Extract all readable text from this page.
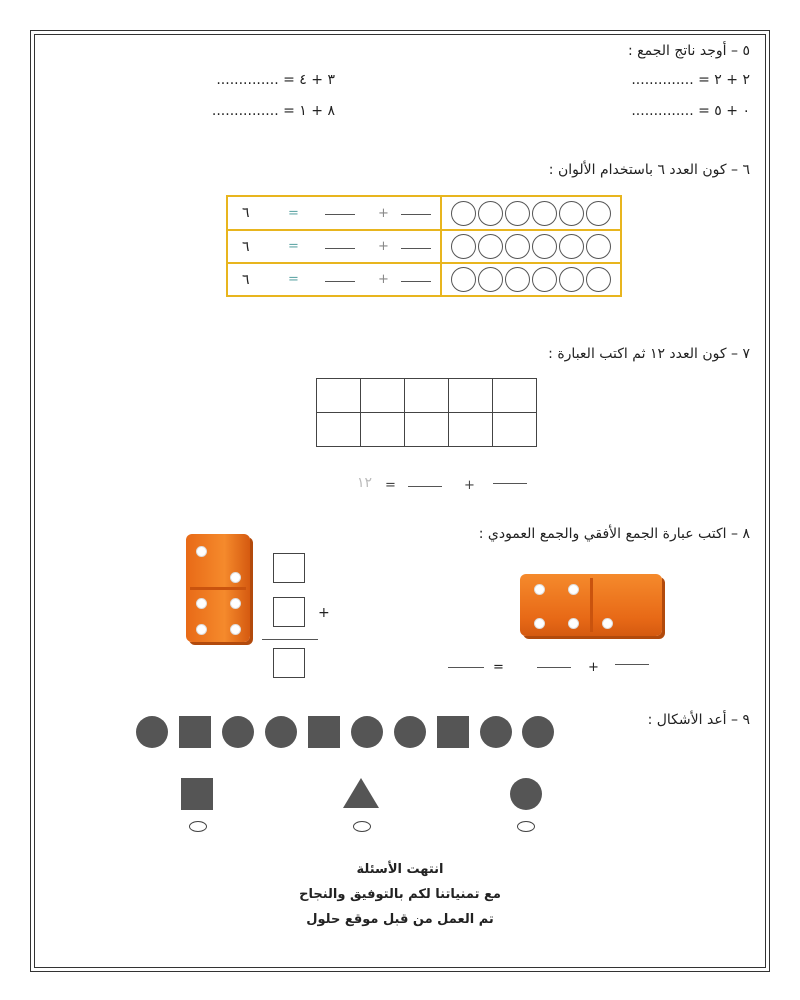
٥ – أوجد ناتج الجمع :
٢ + ٢ = ..............
٠ + ٥ = ..............
٣ + ٤ = ..............
٨ + ١ = ...............
٦ – كون العدد ٦ باستخدام الألوان :
٦	=	+
٦	=	+
٦	=	+
٧ – كون العدد ١٢ ثم اكتب العبارة :

١٢ =	+
٨ – اكتب عبارة الجمع الأفقي والجمع العمودي :
+
=	+
٩ – أعد الأشكال :
انتهت الأسئلة
مع تمنياتنا لكم بالتوفيق والنجاح
تم العمل من قبل موقع حلول
